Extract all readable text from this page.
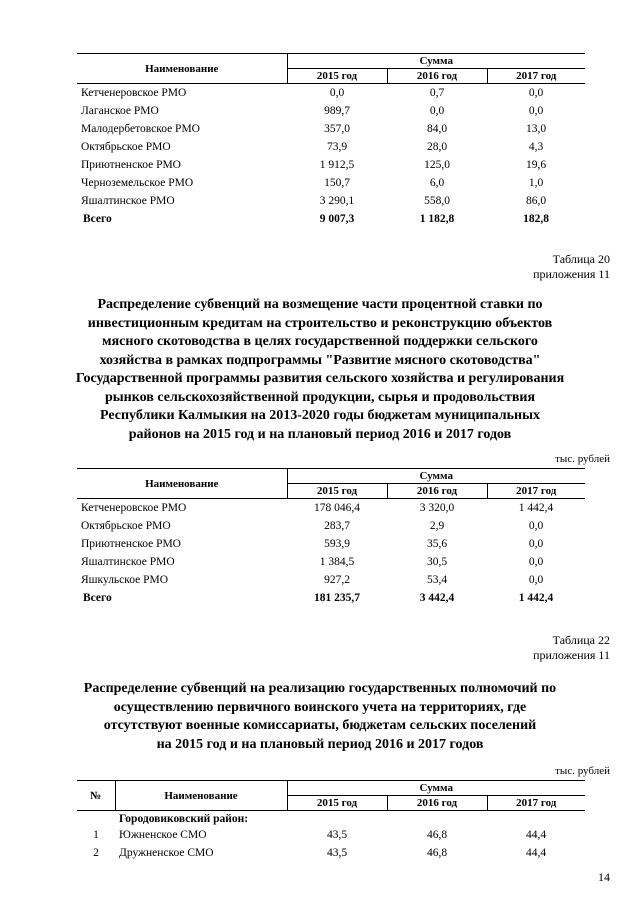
Наименование	Сумма		
	2015 год	2016 год	2017 год
Кетченеровское РМО	0,0	0,7	0,0
Лаганское РМО	989,7	0,0	0,0
Малодербетовское РМО	357,0	84,0	13,0
Октябрьское РМО	73,9	28,0	4,3
Приютненское РМО	1 912,5	125,0	19,6
Черноземельское РМО	150,7	6,0	1,0
Яшалтинское РМО	3 290,1	558,0	86,0
Всего	9 007,3	1 182,8	182,8
Таблица 20
приложения 11
Распределение субвенций на возмещение части процентной ставки по
инвестиционным кредитам на строительство и реконструкцию объектов
мясного скотоводства в целях государственной поддержки сельского
хозяйства в рамках подпрограммы "Развитие мясного скотоводства"
Государственной программы развития сельского хозяйства и регулирования
рынков сельскохозяйственной продукции, сырья и продовольствия
Республики Калмыкия на 2013-2020 годы бюджетам муниципальных
районов на 2015 год и на плановый период 2016 и 2017 годов
тыс. рублей
Наименование	Сумма		
	2015 год	2016 год	2017 год
Кетченеровское РМО	178 046,4	3 320,0	1 442,4
Октябрьское РМО	283,7	2,9	0,0
Приютненское РМО	593,9	35,6	0,0
Яшалтинское РМО	1 384,5	30,5	0,0
Яшкульское РМО	927,2	53,4	0,0
Всего	181 235,7	3 442,4	1 442,4
Таблица 22
приложения 11
Распределение субвенций на реализацию государственных полномочий по
осуществлению первичного воинского учета на территориях, где
отсутствуют военные комиссариаты, бюджетам сельских поселений
на 2015 год и на плановый период 2016 и 2017 годов
тыс. рублей
№	Наименование	Сумма		
		2015 год	2016 год	2017 год
	Городовиковский район:			
1	Южненское СМО	43,5	46,8	44,4
2	Дружненское СМО	43,5	46,8	44,4
14
